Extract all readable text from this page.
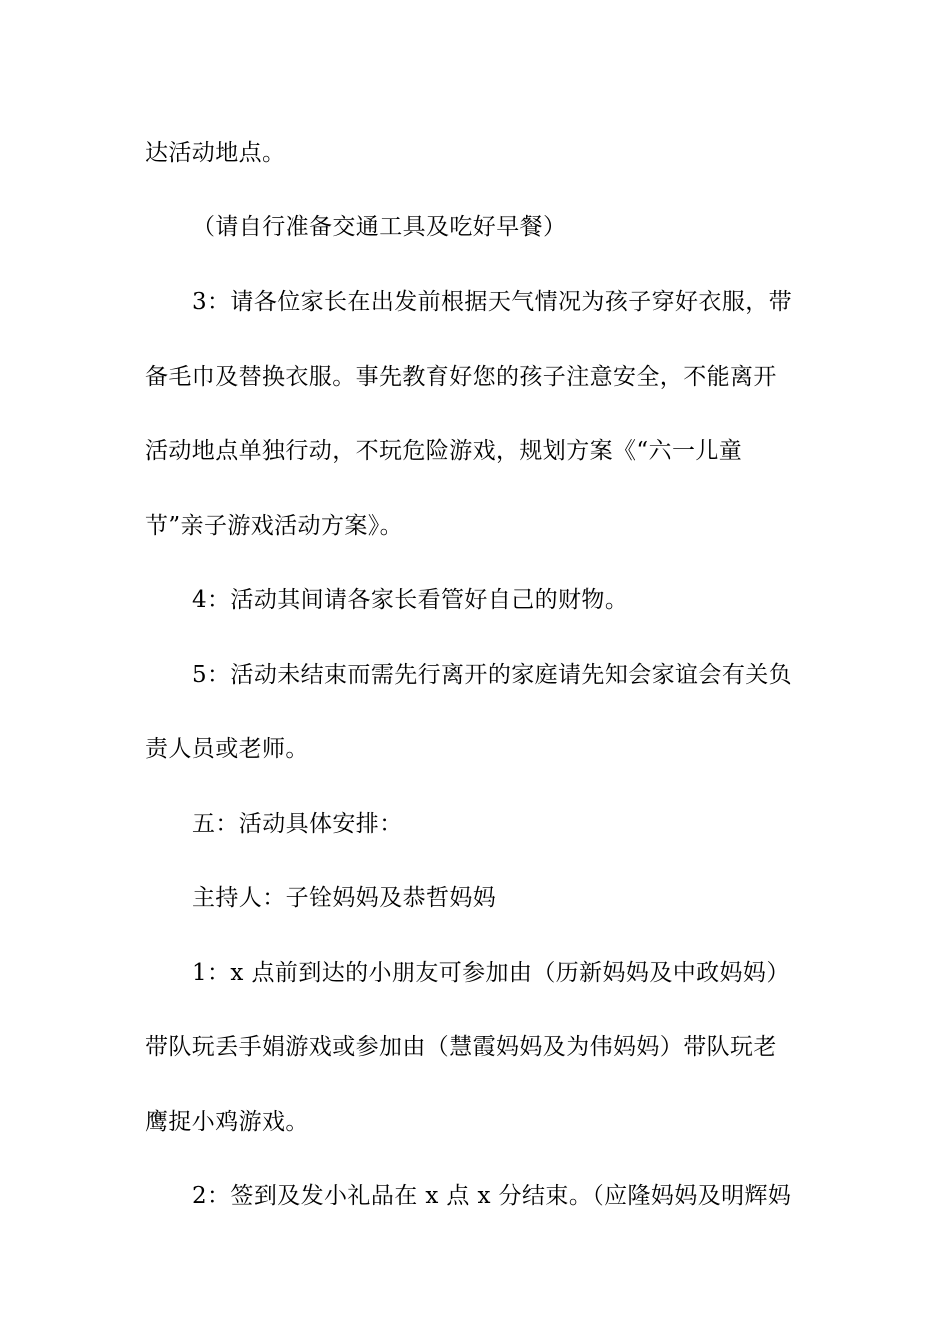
达活动地点。
（请自行准备交通工具及吃好早餐）
3：请各位家长在出发前根据天气情况为孩子穿好衣服，带
备毛巾及替换衣服。事先教育好您的孩子注意安全，不能离开
活动地点单独行动，不玩危险游戏，规划方案《“六一儿童
节”亲子游戏活动方案》。
4：活动其间请各家长看管好自己的财物。
5：活动未结束而需先行离开的家庭请先知会家谊会有关负
责人员或老师。
五：活动具体安排：
主持人：子铨妈妈及恭哲妈妈
1：x 点前到达的小朋友可参加由（历新妈妈及中政妈妈）
带队玩丢手娟游戏或参加由（慧霞妈妈及为伟妈妈）带队玩老
鹰捉小鸡游戏。
2：签到及发小礼品在 x 点 x 分结束。（应隆妈妈及明辉妈
